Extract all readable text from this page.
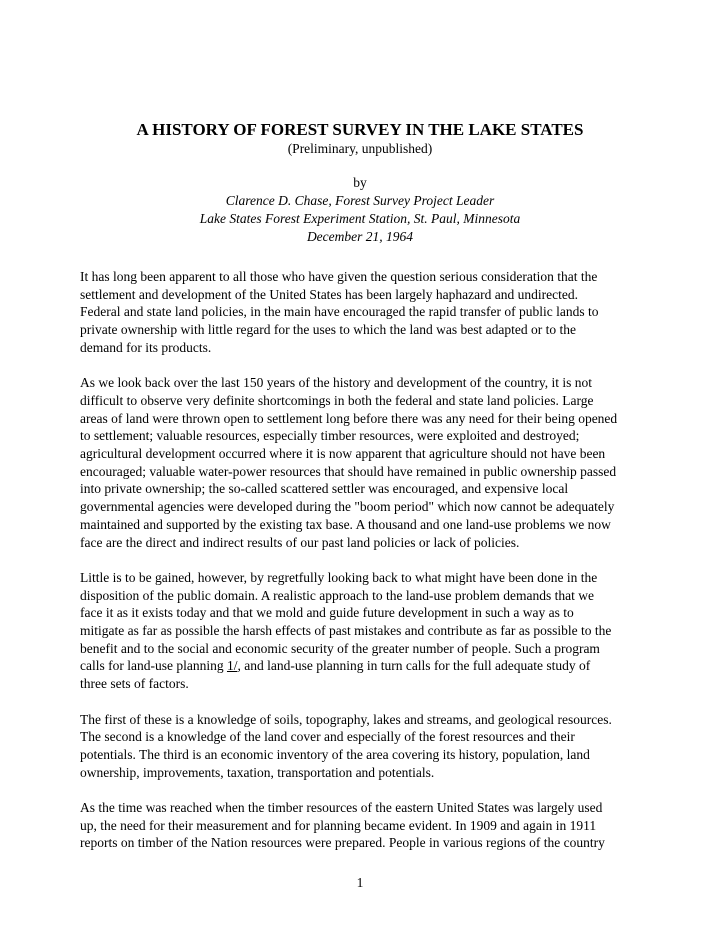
A HISTORY OF FOREST SURVEY IN THE LAKE STATES

(Preliminary, unpublished)

by

Clarence D. Chase, Forest Survey Project Leader

Lake States Forest Experiment Station, St. Paul, Minnesota

December 21, 1964

It has long been apparent to all those who have given the question serious consideration that the
settlement and development of the United States has been largely haphazard and undirected.
Federal and state land policies, in the main have encouraged the rapid transfer of public lands to
private ownership with little regard for the uses to which the land was best adapted or to the
demand for its products.

As we look back over the last 150 years of the history and development of the country, it is not
difficult to observe very definite shortcomings in both the federal and state land policies. Large
areas of land were thrown open to settlement long before there was any need for their being opened
to settlement; valuable resources, especially timber resources, were exploited and destroyed;
agricultural development occurred where it is now apparent that agriculture should not have been
encouraged; valuable water-power resources that should have remained in public ownership passed
into private ownership; the so-called scattered settler was encouraged, and expensive local
governmental agencies were developed during the "boom period" which now cannot be adequately
maintained and supported by the existing tax base. A thousand and one land-use problems we now
face are the direct and indirect results of our past land policies or lack of policies.

Little is to be gained, however, by regretfully looking back to what might have been done in the
disposition of the public domain. A realistic approach to the land-use problem demands that we
face it as it exists today and that we mold and guide future development in such a way as to
mitigate as far as possible the harsh effects of past mistakes and contribute as far as possible to the
benefit and to the social and economic security of the greater number of people. Such a program
calls for land-use planning 1/, and land-use planning in turn calls for the full adequate study of
three sets of factors.

The first of these is a knowledge of soils, topography, lakes and streams, and geological resources.
The second is a knowledge of the land cover and especially of the forest resources and their
potentials. The third is an economic inventory of the area covering its history, population, land
ownership, improvements, taxation, transportation and potentials.

As the time was reached when the timber resources of the eastern United States was largely used
up, the need for their measurement and for planning became evident. In 1909 and again in 1911
reports on timber of the Nation resources were prepared. People in various regions of the country

1
